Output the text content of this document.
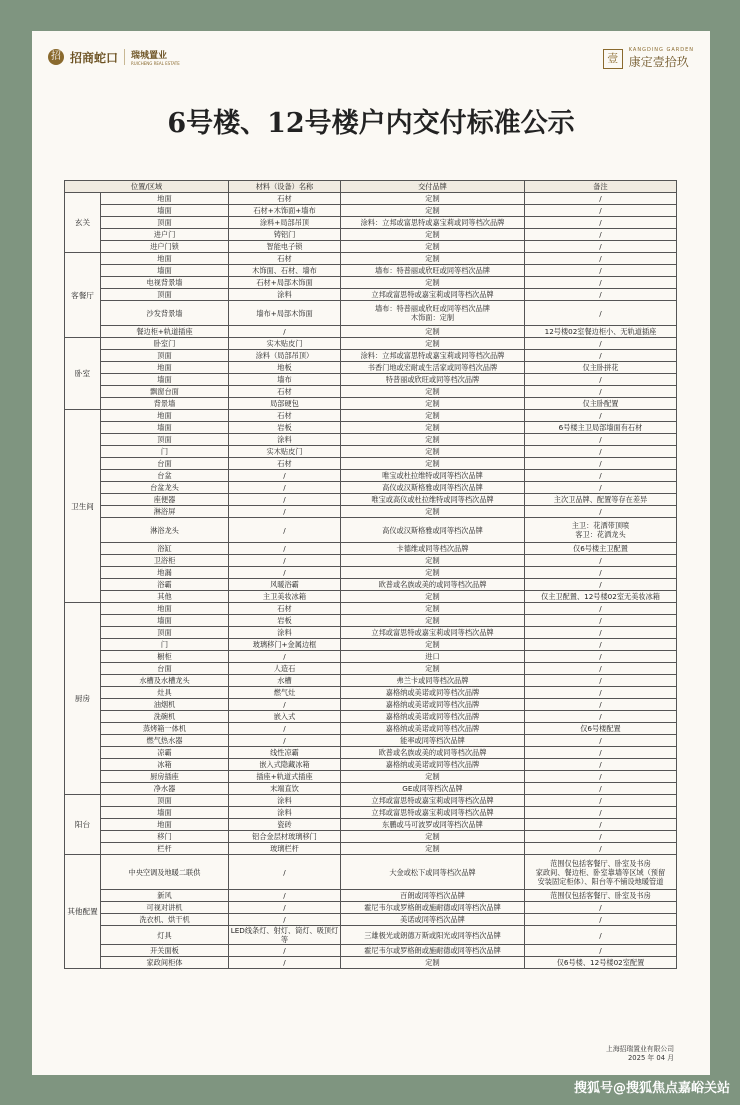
招 招商蛇口 瑞城置业
RUICHENG REAL ESTATE	壹
KANGDING GARDEN
康定壹拾玖
6号楼、12号楼户内交付标准公示
位置/区域		材料（设备）名称	交付品牌	备注
玄关	地面	石材	定制	/
	墙面	石材+木饰面+墙布	定制	/
	顶面	涂料+局部吊顶	涂料：立邦或富思特或嘉宝莉或同等档次品牌	/
	进户门	铸铝门	定制	/
	进户门锁	智能电子锁	定制	/
客餐厅	地面	石材	定制	/
	墙面	木饰面、石材、墙布	墙布：特普丽或欣旺或同等档次品牌	/
	电视背景墙	石材+局部木饰面	定制	/
	顶面	涂料	立邦或富思特或嘉宝莉或同等档次品牌	/
	沙发背景墙	墙布+局部木饰面	墙布：特普丽或欣旺或同等档次品牌
木饰面：定制	/
	餐边柜+轨道插座	/	定制	12号楼02室餐边柜小、无轨道插座
卧室	卧室门	实木贴皮门	定制	/
	顶面	涂料（局部吊顶）	涂料：立邦或富思特或嘉宝莉或同等档次品牌	/
	地面	地板	书香门地或宏耐或生活家或同等档次品牌	仅主卧拼花
	墙面	墙布	特普丽或欣旺或同等档次品牌	/
	飘窗台面	石材	定制	/
	背景墙	局部硬包	定制	仅主卧配置
卫生间	地面	石材	定制	/
	墙面	岩板	定制	6号楼主卫局部墙面有石材
	顶面	涂料	定制	/
	门	实木贴皮门	定制	/
	台面	石材	定制	/
	台盆	/	唯宝或杜拉维特或同等档次品牌	/
	台盆龙头	/	高仪或汉斯格雅或同等档次品牌	/
	座便器	/	唯宝或高仪或杜拉维特或同等档次品牌	主次卫品牌、配置等存在差异
	淋浴屏	/	定制	/
	淋浴龙头	/	高仪或汉斯格雅或同等档次品牌	主卫：花洒带顶喷
客卫：花洒龙头
	浴缸	/	卡德维或同等档次品牌	仅6号楼主卫配置
	卫浴柜	/	定制	/
	地漏	/	定制	/
	浴霸	风暖浴霸	欧普或名族或美的或同等档次品牌	/
	其他	主卫美妆冰箱	定制	仅主卫配置、12号楼02室无美妆冰箱
厨房	地面	石材	定制	/
	墙面	岩板	定制	/
	顶面	涂料	立邦或富思特或嘉宝莉或同等档次品牌	/
	门	玻璃移门+金属边框	定制	/
	橱柜	/	进口	/
	台面	人造石	定制	/
	水槽及水槽龙头	水槽	弗兰卡或同等档次品牌	/
	灶具	燃气灶	嘉格纳或美诺或同等档次品牌	/
	油烟机	/	嘉格纳或美诺或同等档次品牌	/
	洗碗机	嵌入式	嘉格纳或美诺或同等档次品牌	/
	蒸烤箱一体机	/	嘉格纳或美诺或同等档次品牌	仅6号楼配置
	燃气热水器	/	能率或同等档次品牌	/
	凉霸	线性凉霸	欧普或名族或美的或同等档次品牌	/
	冰箱	嵌入式隐藏冰箱	嘉格纳或美诺或同等档次品牌	/
	厨房插座	插座+轨道式插座	定制	/
	净水器	末端直饮	GE或同等档次品牌	/
阳台	顶面	涂料	立邦或富思特或嘉宝莉或同等档次品牌	/
	墙面	涂料	立邦或富思特或嘉宝莉或同等档次品牌	/
	地面	瓷砖	东鹏或马可波罗或同等档次品牌	/
	移门	铝合金层材玻璃移门	定制	/
	栏杆	玻璃栏杆	定制	/
其他配置	中央空调及地暖二联供	/	大金或松下或同等档次品牌	范围仅包括客餐厅、卧室及书房
家政间、餐边柜、卧室靠墙等区域（预留
安装固定柜体）、阳台等不铺设地暖管道
	新风	/	百朗或同等档次品牌	范围仅包括客餐厅、卧室及书房
	可视对讲机	/	霍尼韦尔或罗格朗或施耐德或同等档次品牌	/
	洗衣机、烘干机	/	美诺或同等档次品牌	/
	灯具	LED线条灯、射灯、筒灯、吸顶灯等	三雄极光或朗德万斯或阳光或同等档次品牌	/
	开关面板	/	霍尼韦尔或罗格朗或施耐德或同等档次品牌	/
	家政间柜体	/	定制	仅6号楼、12号楼02室配置
上海招瑞置业有限公司
2025 年 04 月
搜狐号@搜狐焦点嘉峪关站
